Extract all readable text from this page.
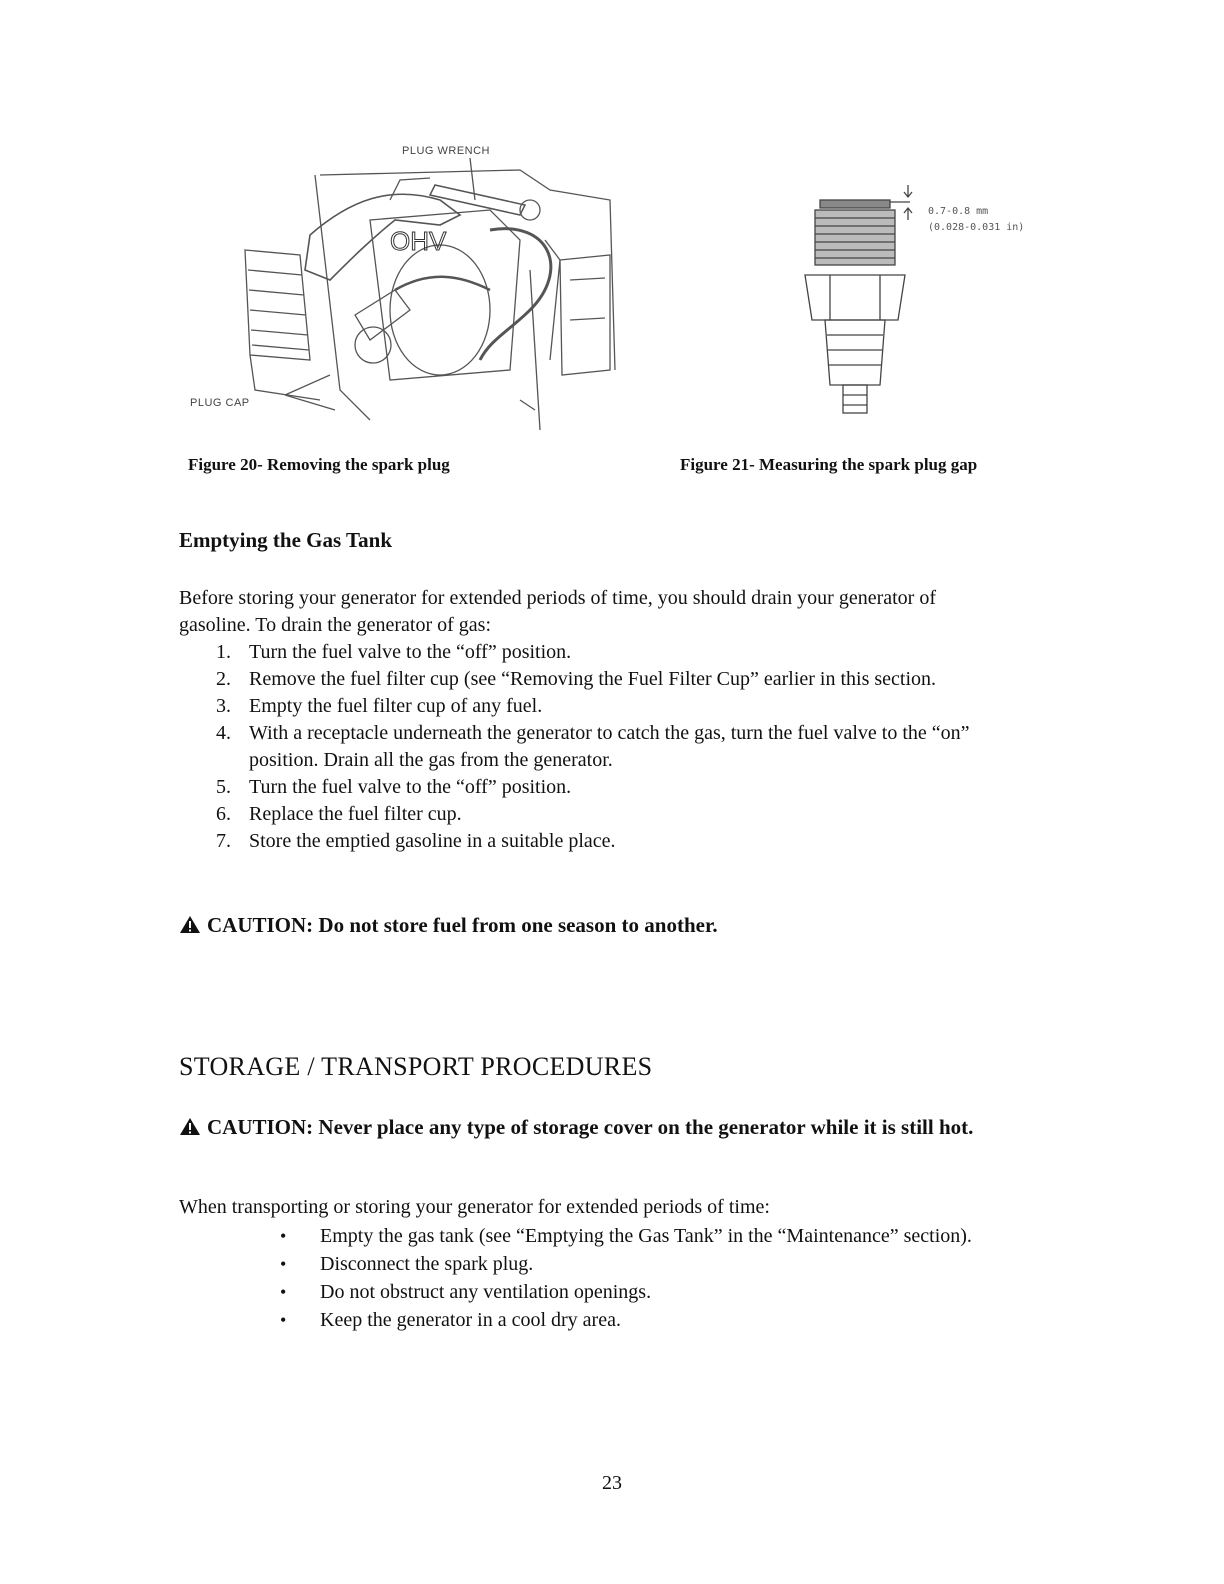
PLUG WRENCH
OHV
PLUG CAP
0.7-0.8 mm
(0.028-0.031 in)
Figure 20- Removing the spark plug	Figure 21- Measuring the spark plug gap
Emptying the Gas Tank

Before storing your generator for extended periods of time, you should drain your generator of gasoline. To drain the generator of gas:

1. Turn the fuel valve to the “off” position.
2. Remove the fuel filter cup (see “Removing the Fuel Filter Cup” earlier in this section.
3. Empty the fuel filter cup of any fuel.
4. With a receptacle underneath the generator to catch the gas, turn the fuel valve to the “on” position. Drain all the gas from the generator.
5. Turn the fuel valve to the “off” position.
6. Replace the fuel filter cup.
7. Store the emptied gasoline in a suitable place.

CAUTION: Do not store fuel from one season to another.

STORAGE / TRANSPORT PROCEDURES

CAUTION: Never place any type of storage cover on the generator while it is still hot.

When transporting or storing your generator for extended periods of time:

•	Empty the gas tank (see “Emptying the Gas Tank” in the “Maintenance” section).
•	Disconnect the spark plug.
•	Do not obstruct any ventilation openings.
•	Keep the generator in a cool dry area.
23
